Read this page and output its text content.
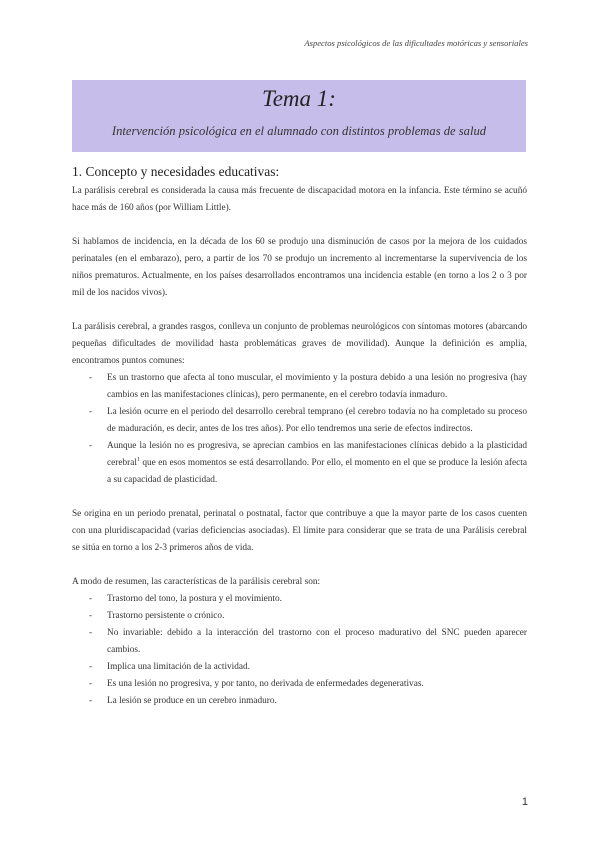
Aspectos psicológicos de las dificultades motóricas y sensoriales
Tema 1:
Intervención psicológica en el alumnado con distintos problemas de salud
1. Concepto y necesidades educativas:

La parálisis cerebral es considerada la causa más frecuente de discapacidad motora en la infancia. Este término se acuñó hace más de 160 años (por William Little).

Si hablamos de incidencia, en la década de los 60 se produjo una disminución de casos por la mejora de los cuidados perinatales (en el embarazo), pero, a partir de los 70 se produjo un incremento al incrementarse la supervivencia de los niños prematuros. Actualmente, en los países desarrollados encontramos una incidencia estable (en torno a los 2 o 3 por mil de los nacidos vivos).

La parálisis cerebral, a grandes rasgos, conlleva un conjunto de problemas neurológicos con síntomas motores (abarcando pequeñas dificultades de movilidad hasta problemáticas graves de movilidad). Aunque la definición es amplia, encontramos puntos comunes:

- Es un trastorno que afecta al tono muscular, el movimiento y la postura debido a una lesión no progresiva (hay cambios en las manifestaciones clínicas), pero permanente, en el cerebro todavía inmaduro.
- La lesión ocurre en el periodo del desarrollo cerebral temprano (el cerebro todavía no ha completado su proceso de maduración, es decir, antes de los tres años). Por ello tendremos una serie de efectos indirectos.
- Aunque la lesión no es progresiva, se aprecian cambios en las manifestaciones clínicas debido a la plasticidad cerebral$^1$ que en esos momentos se está desarrollando. Por ello, el momento en el que se produce la lesión afecta a su capacidad de plasticidad.

Se origina en un periodo prenatal, perinatal o postnatal, factor que contribuye a que la mayor parte de los casos cuenten con una pluridiscapacidad (varias deficiencias asociadas). El límite para considerar que se trata de una Parálisis cerebral se sitúa en torno a los 2-3 primeros años de vida.

A modo de resumen, las características de la parálisis cerebral son:

- Trastorno del tono, la postura y el movimiento.
- Trastorno persistente o crónico.
- No invariable: debido a la interacción del trastorno con el proceso madurativo del SNC pueden aparecer cambios.
- Implica una limitación de la actividad.
- Es una lesión no progresiva, y por tanto, no derivada de enfermedades degenerativas.
- La lesión se produce en un cerebro inmaduro.
1
